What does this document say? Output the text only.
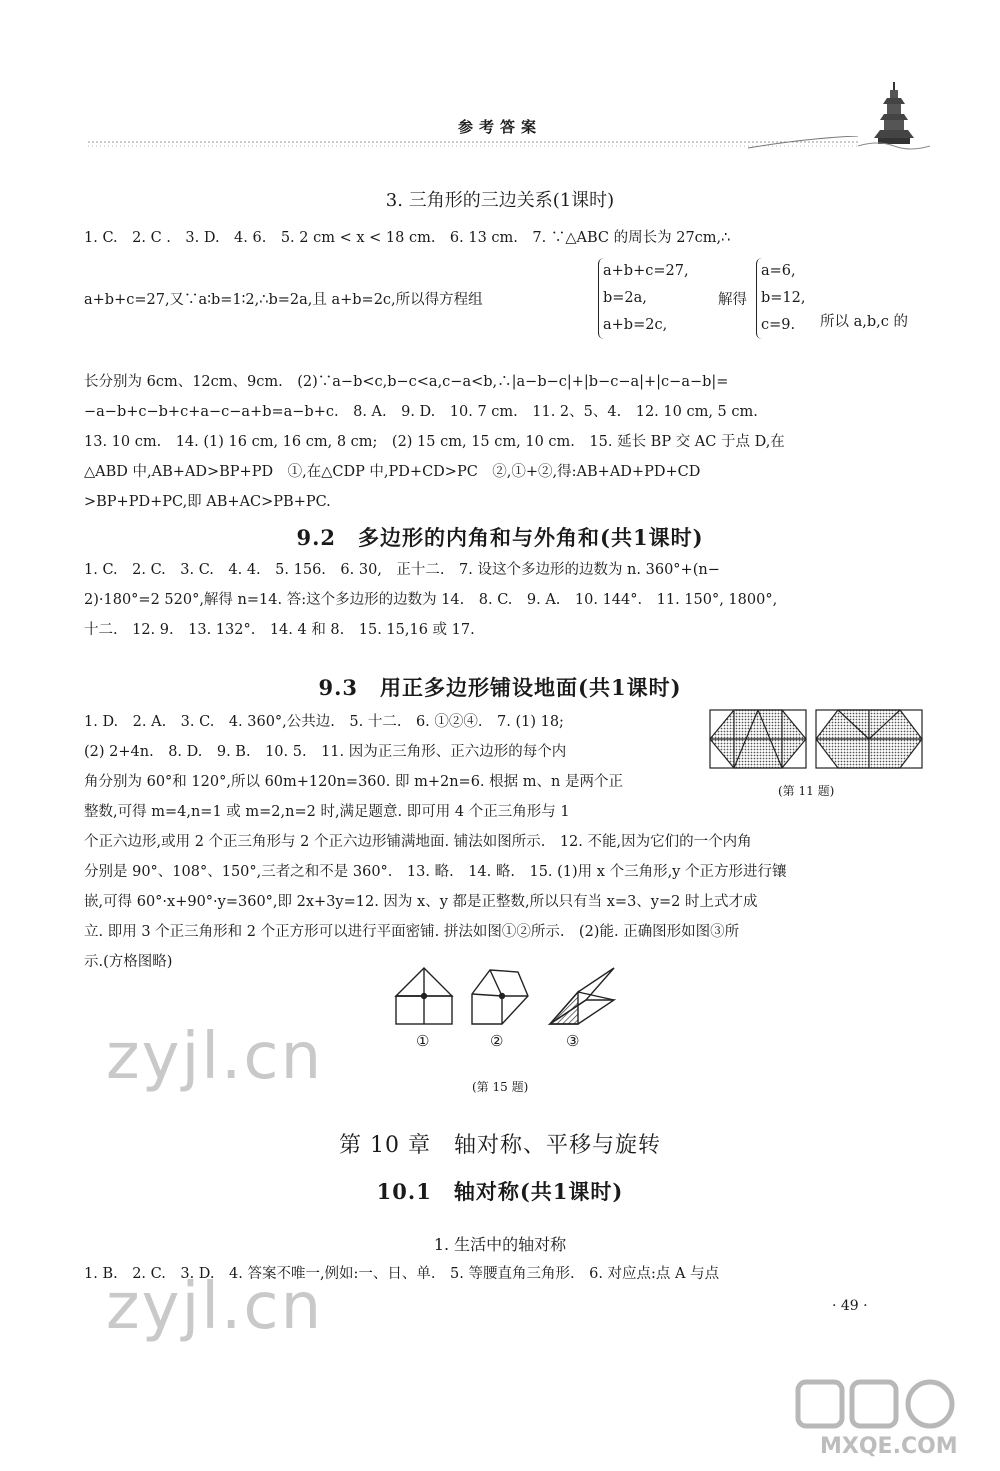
参考答案
3. 三角形的三边关系(1课时)
1. C.　2. C .　3. D.　4. 6.　5. 2 cm < x < 18 cm.　6. 13 cm.　7. ∵△ABC 的周长为 27cm,∴
a+b+c=27,又∵a∶b=1∶2,∴b=2a,且 a+b=2c,所以得方程组
a+b+c=27,
b=2a,
a+b=2c,
解得
a=6,
b=12,
c=9.	所以 a,b,c 的
长分别为 6cm、12cm、9cm.　(2)∵a−b<c,b−c<a,c−a<b,∴|a−b−c|+|b−c−a|+|c−a−b|=
−a−b+c−b+c+a−c−a+b=a−b+c.　8. A.　9. D.　10. 7 cm.　11. 2、5、4.　12. 10 cm, 5 cm.
13. 10 cm.　14. (1) 16 cm, 16 cm, 8 cm;　(2) 15 cm, 15 cm, 10 cm.　15. 延长 BP 交 AC 于点 D,在
△ABD 中,AB+AD>BP+PD　①,在△CDP 中,PD+CD>PC　②,①+②,得:AB+AD+PD+CD
>BP+PD+PC,即 AB+AC>PB+PC.
9.2　多边形的内角和与外角和(共1课时)
1. C.　2. C.　3. C.　4. 4.　5. 156.　6. 30,　正十二.　7. 设这个多边形的边数为 n. 360°+(n−
2)·180°=2 520°,解得 n=14. 答:这个多边形的边数为 14.　8. C.　9. A.　10. 144°.　11. 150°, 1800°,
十二.　12. 9.　13. 132°.　14. 4 和 8.　15. 15,16 或 17.
9.3　用正多边形铺设地面(共1课时)
1. D.　2. A.　3. C.　4. 360°,公共边.　5. 十二.　6. ①②④.　7. (1) 18;
(2) 2+4n.　8. D.　9. B.　10. 5.　11. 因为正三角形、正六边形的每个内
角分别为 60°和 120°,所以 60m+120n=360. 即 m+2n=6. 根据 m、n 是两个正
整数,可得 m=4,n=1 或 m=2,n=2 时,满足题意. 即可用 4 个正三角形与 1
个正六边形,或用 2 个正三角形与 2 个正六边形铺满地面. 铺法如图所示.　12. 不能,因为它们的一个内角
分别是 90°、108°、150°,三者之和不是 360°.　13. 略.　14. 略.　15. (1)用 x 个三角形,y 个正方形进行镶
嵌,可得 60°·x+90°·y=360°,即 2x+3y=12. 因为 x、y 都是正整数,所以只有当 x=3、y=2 时上式才成
立. 即用 3 个正三角形和 2 个正方形可以进行平面密铺. 拼法如图①②所示.　(2)能. 正确图形如图③所
示.(方格图略)
(第 11 题)
①	②	③
(第 15 题)
zyjl.cn
zyjl.cn
第 10 章　轴对称、平移与旋转
10.1　轴对称(共1课时)
1. 生活中的轴对称
1. B.　2. C.　3. D.　4. 答案不唯一,例如:一、日、单.　5. 等腰直角三角形.　6. 对应点:点 A 与点
· 49 ·
MXQE.COM
